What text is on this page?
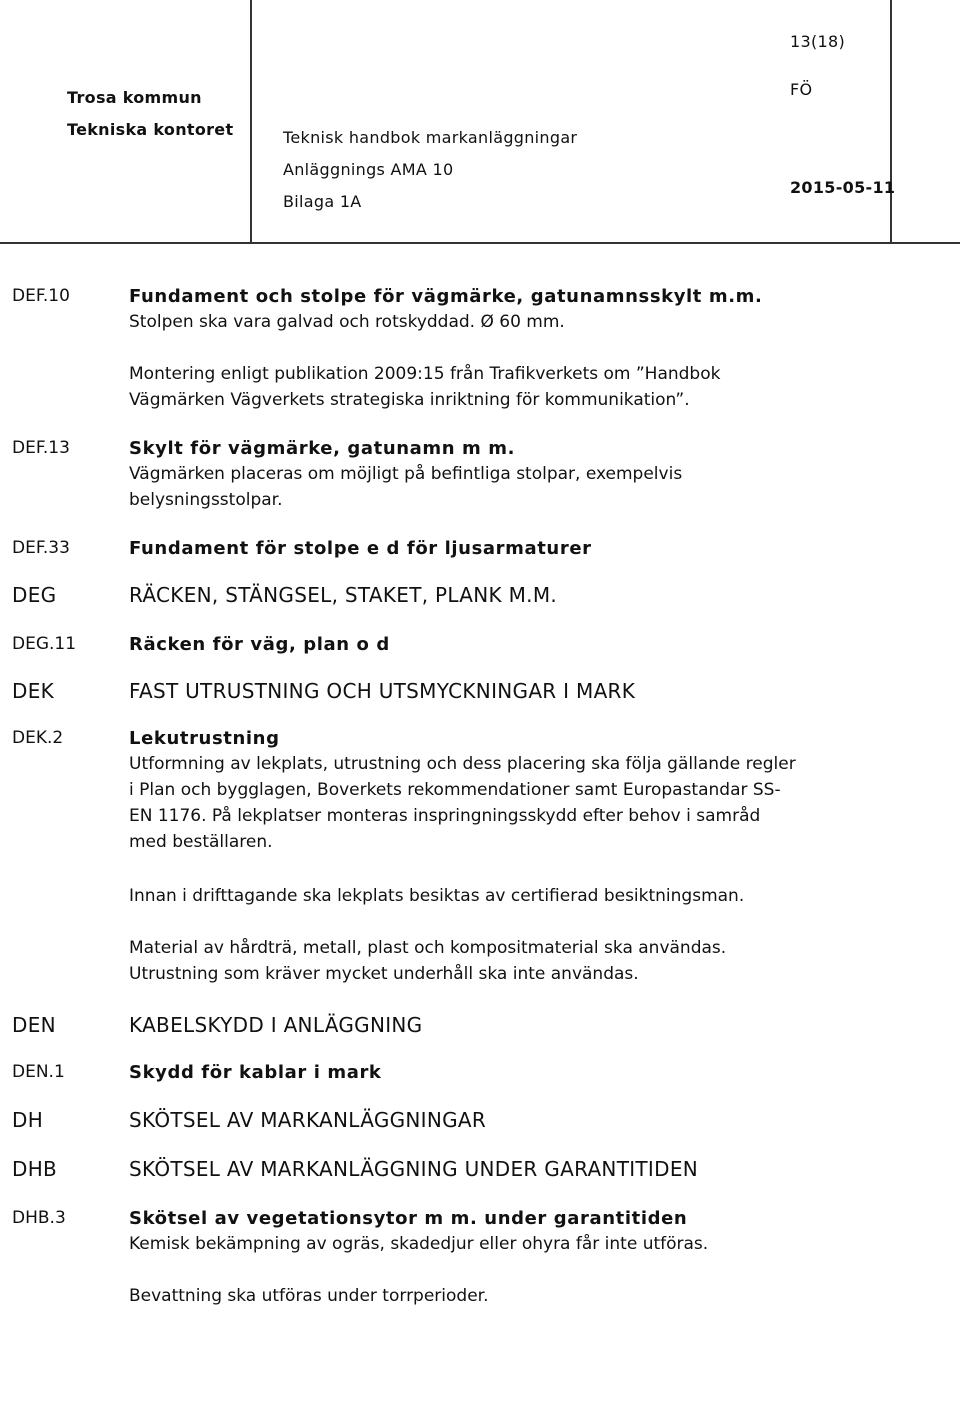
13(18)
Trosa kommun
Tekniska kontoret
FÖ
Teknisk handbok markanläggningar
Anläggnings AMA 10
Bilaga 1A
2015-05-11
DEF.10	Fundament och stolpe för vägmärke, gatunamnsskylt m.m.
Stolpen ska vara galvad och rotskyddad. Ø 60 mm.
Montering enligt publikation 2009:15 från Trafikverkets om ”Handbok
Vägmärken Vägverkets strategiska inriktning för kommunikation”.
DEF.13	Skylt för vägmärke, gatunamn m m.
Vägmärken placeras om möjligt på befintliga stolpar, exempelvis
belysningsstolpar.
DEF.33	Fundament för stolpe e d för ljusarmaturer
DEG	RÄCKEN, STÄNGSEL, STAKET, PLANK M.M.
DEG.11	Räcken för väg, plan o d
DEK	FAST UTRUSTNING OCH UTSMYCKNINGAR I MARK
DEK.2	Lekutrustning
Utformning av lekplats, utrustning och dess placering ska följa gällande regler
i Plan och bygglagen, Boverkets rekommendationer samt Europastandar SS-
EN 1176. På lekplatser monteras inspringningsskydd efter behov i samråd
med beställaren.
Innan i drifttagande ska lekplats besiktas av certifierad besiktningsman.
Material av hårdträ, metall, plast och kompositmaterial ska användas.
Utrustning som kräver mycket underhåll ska inte användas.
DEN	KABELSKYDD I ANLÄGGNING
DEN.1	Skydd för kablar i mark
DH	SKÖTSEL AV MARKANLÄGGNINGAR
DHB	SKÖTSEL AV MARKANLÄGGNING UNDER GARANTITIDEN
DHB.3	Skötsel av vegetationsytor m m. under garantitiden
Kemisk bekämpning av ogräs, skadedjur eller ohyra får inte utföras.
Bevattning ska utföras under torrperioder.
